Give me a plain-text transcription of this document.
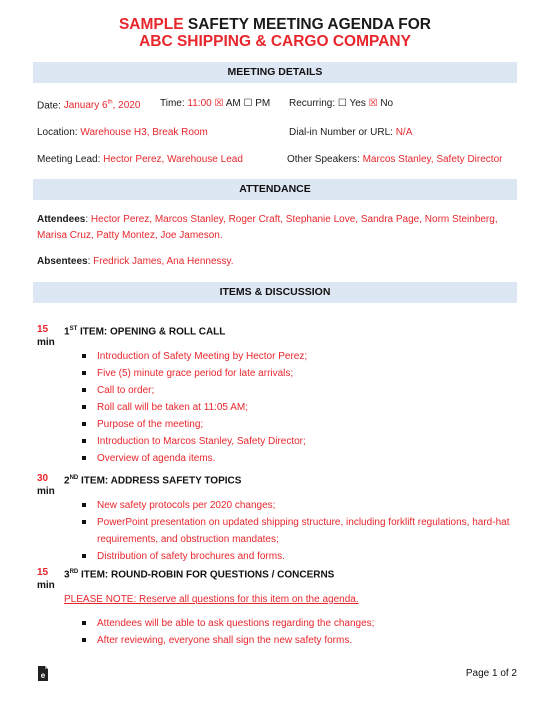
SAMPLE SAFETY MEETING AGENDA FOR
ABC SHIPPING & CARGO COMPANY
MEETING DETAILS
Date: January 6th, 2020 Time: 11:00 ☒ AM ☐ PM Recurring: ☐ Yes ☒ No
Location: Warehouse H3, Break Room	Dial-in Number or URL: N/A
Meeting Lead: Hector Perez, Warehouse Lead	Other Speakers: Marcos Stanley, Safety Director
ATTENDANCE
Attendees: Hector Perez, Marcos Stanley, Roger Craft, Stephanie Love, Sandra Page, Norm Steinberg, Marisa Cruz, Patty Montez, Joe Jameson.
Absentees: Fredrick James, Ana Hennessy.
ITEMS & DISCUSSION
15
min
1ST ITEM: OPENING & ROLL CALL
Introduction of Safety Meeting by Hector Perez;
Five (5) minute grace period for late arrivals;
Call to order;
Roll call will be taken at 11:05 AM;
Purpose of the meeting;
Introduction to Marcos Stanley, Safety Director;
Overview of agenda items.
30
min
2ND ITEM: ADDRESS SAFETY TOPICS
New safety protocols per 2020 changes;
PowerPoint presentation on updated shipping structure, including forklift regulations, hard-hat requirements, and obstruction mandates;
Distribution of safety brochures and forms.
15
min
3RD ITEM: ROUND-ROBIN FOR QUESTIONS / CONCERNS
PLEASE NOTE: Reserve all questions for this item on the agenda.
Attendees will be able to ask questions regarding the changes;
After reviewing, everyone shall sign the new safety forms.
e	Page 1 of 2
